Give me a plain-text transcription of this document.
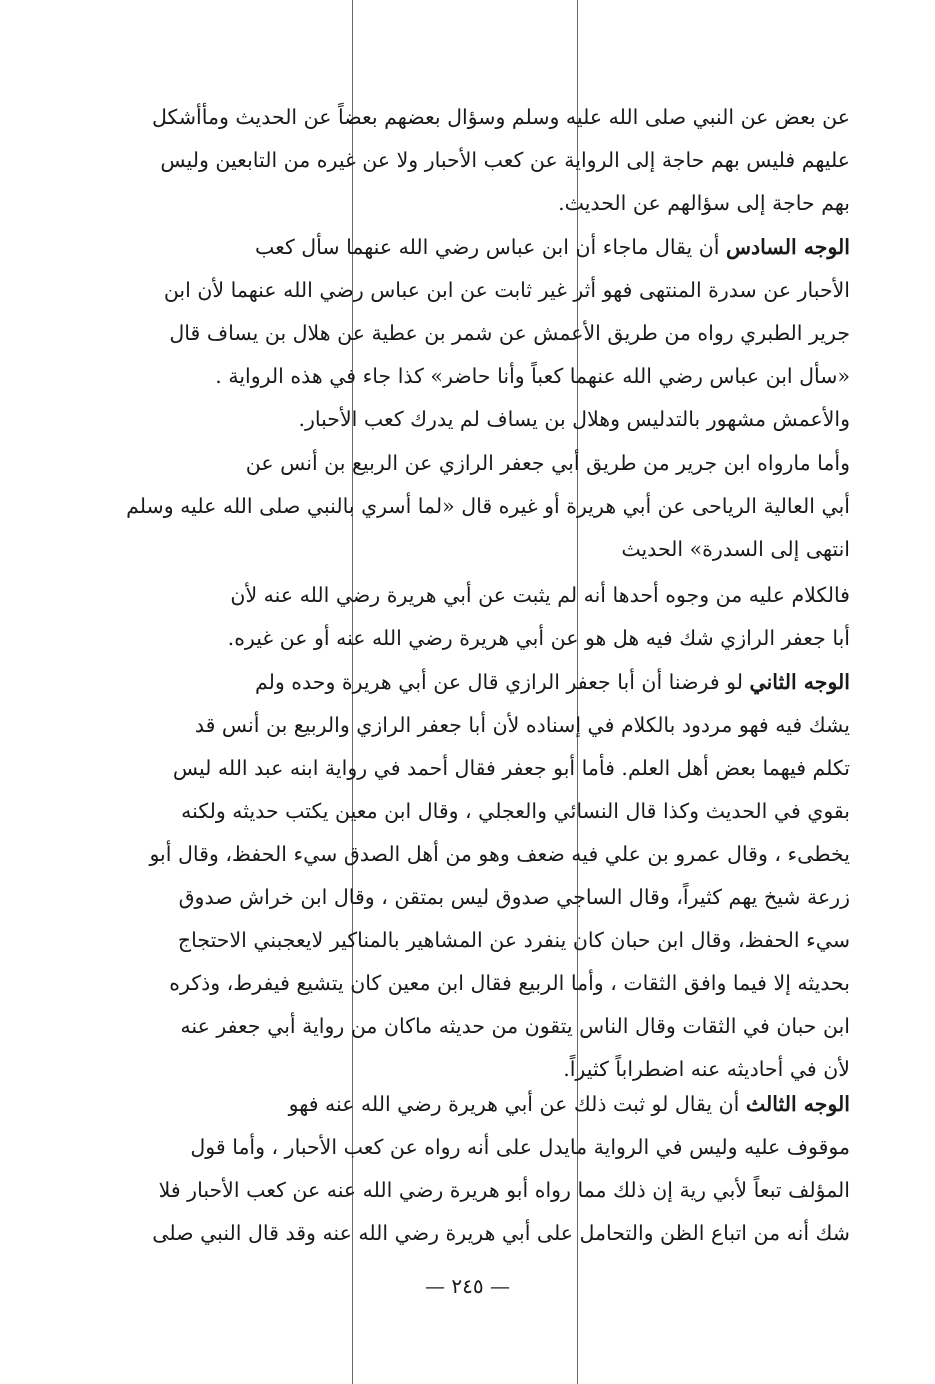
عن بعض عن النبي صلى الله عليه وسلم وسؤال بعضهم بعضاً عن الحديث ومأأشكل
عليهم فليس بهم حاجة إلى الرواية عن كعب الأحبار ولا عن غيره من التابعين وليس
بهم حاجة إلى سؤالهم عن الحديث.
الوجه السادس أن يقال ماجاء أن ابن عباس رضي الله عنهما سأل كعب
الأحبار عن سدرة المنتهى فهو أثر غير ثابت عن ابن عباس رضي الله عنهما لأن ابن
جرير الطبري رواه من طريق الأعمش عن شمر بن عطية عن هلال بن يساف قال
«سأل ابن عباس رضي الله عنهما كعباً وأنا حاضر» كذا جاء في هذه الرواية .
والأعمش مشهور بالتدليس وهلال بن يساف لم يدرك كعب الأحبار.
وأما مارواه ابن جرير من طريق أبي جعفر الرازي عن الربيع بن أنس عن
أبي العالية الرياحى عن أبي هريرة أو غيره قال «لما أسري بالنبي صلى الله عليه وسلم
انتهى إلى السدرة» الحديث
فالكلام عليه من وجوه أحدها أنه لم يثبت عن أبي هريرة رضي الله عنه لأن
أبا جعفر الرازي شك فيه هل هو عن أبي هريرة رضي الله عنه أو عن غيره.
الوجه الثاني لو فرضنا أن أبا جعفر الرازي قال عن أبي هريرة وحده ولم
يشك فيه فهو مردود بالكلام في إسناده لأن أبا جعفر الرازي والربيع بن أنس قد
تكلم فيهما بعض أهل العلم. فأما أبو جعفر فقال أحمد في رواية ابنه عبد الله ليس
بقوي في الحديث وكذا قال النسائي والعجلي ، وقال ابن معين يكتب حديثه ولكنه
يخطىء ، وقال عمرو بن علي فيه ضعف وهو من أهل الصدق سيء الحفظ، وقال أبو
زرعة شيخ يهم كثيراً، وقال الساجي صدوق ليس بمتقن ، وقال ابن خراش صدوق
سيء الحفظ، وقال ابن حبان كان ينفرد عن المشاهير بالمناكير لايعجبني الاحتجاج
بحديثه إلا فيما وافق الثقات ، وأما الربيع فقال ابن معين كان يتشيع فيفرط، وذكره
ابن حبان في الثقات وقال الناس يتقون من حديثه ماكان من رواية أبي جعفر عنه
لأن في أحاديثه عنه اضطراباً كثيراً.
الوجه الثالث أن يقال لو ثبت ذلك عن أبي هريرة رضي الله عنه فهو
موقوف عليه وليس في الرواية مايدل على أنه رواه عن كعب الأحبار ، وأما قول
المؤلف تبعاً لأبي رية إن ذلك مما رواه أبو هريرة رضي الله عنه عن كعب الأحبار فلا
شك أنه من اتباع الظن والتحامل على أبي هريرة رضي الله عنه وقد قال النبي صلى
— ٢٤٥ —
